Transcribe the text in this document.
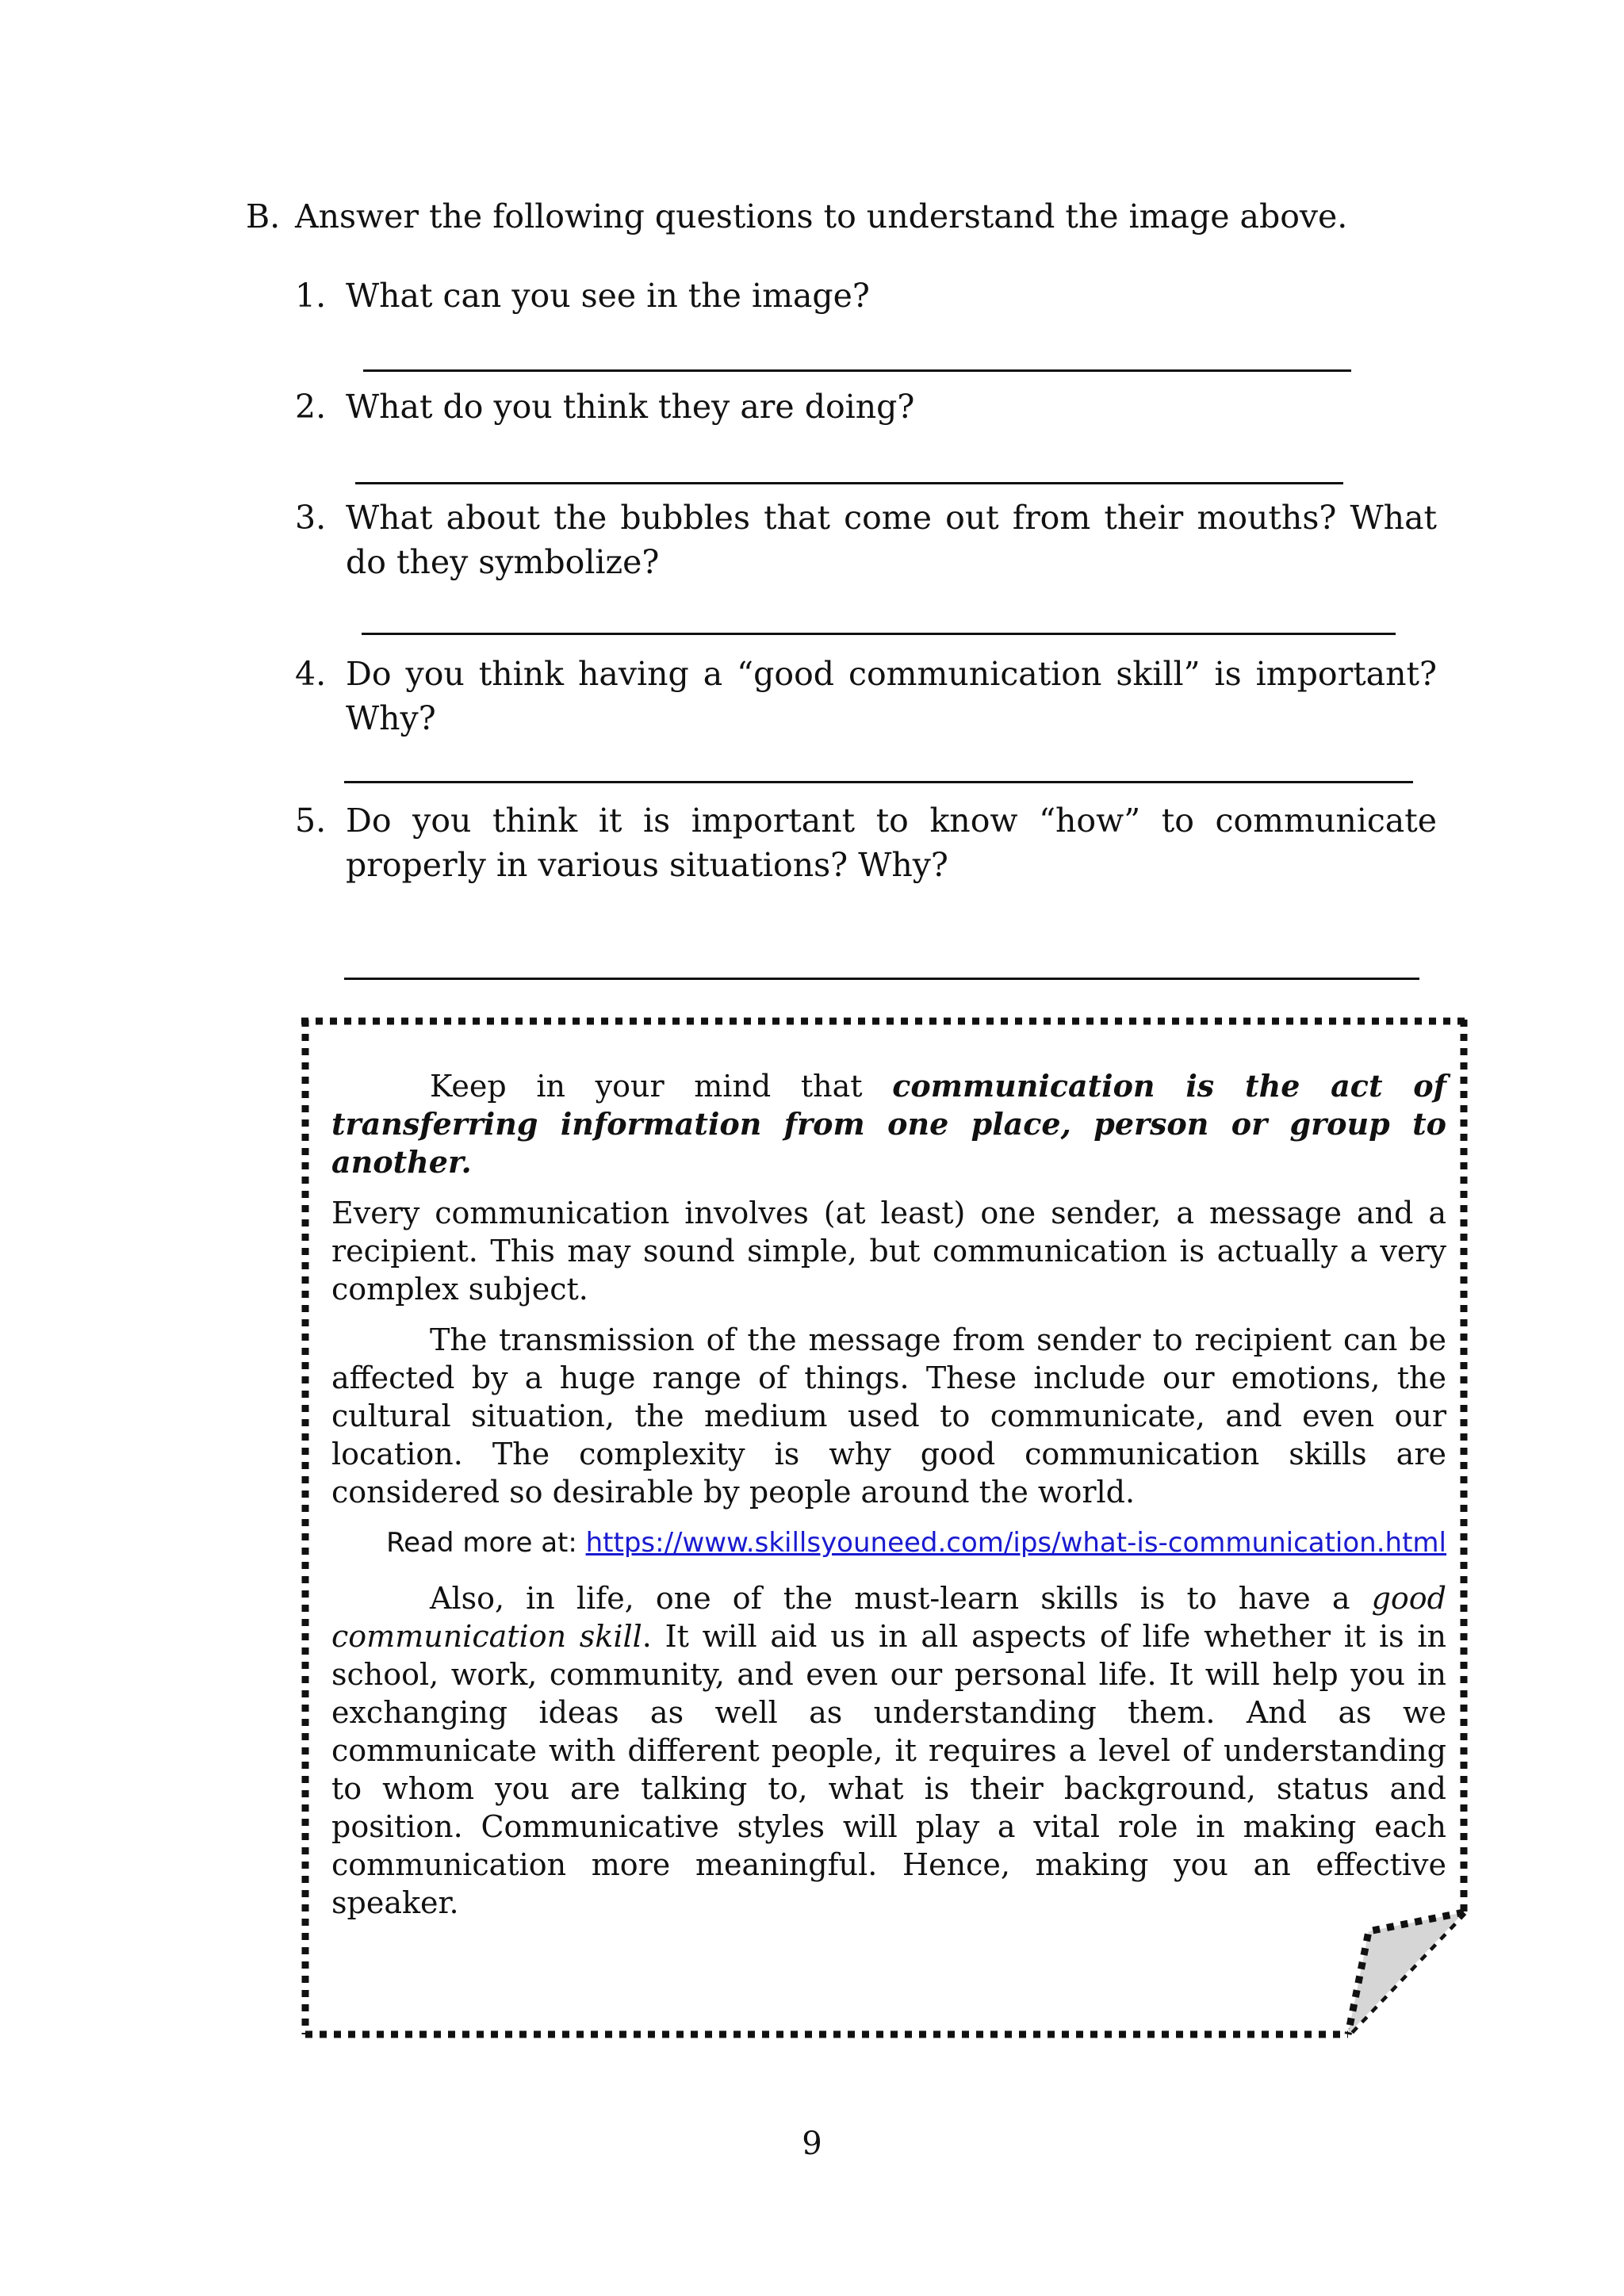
B. Answer the following questions to understand the image above.

1. What can you see in the image?
2. What do you think they are doing?
3. What about the bubbles that come out from their mouths? What do they symbolize?
4. Do you think having a “good communication skill” is important?
Why?
5. Do you think it is important to know “how” to communicate properly in various situations? Why?

Keep in your mind that communication is the act of transferring information from one place, person or group to another.

Every communication involves (at least) one sender, a message and a recipient. This may sound simple, but communication is actually a very complex subject.

The transmission of the message from sender to recipient can be affected by a huge range of things. These include our emotions, the cultural situation, the medium used to communicate, and even our location. The complexity is why good communication skills are considered so desirable by people around the world.

Read more at: https://www.skillsyouneed.com/ips/what-is-communication.html

Also, in life, one of the must-learn skills is to have a good communication skill. It will aid us in all aspects of life whether it is in school, work, community, and even our personal life. It will help you in exchanging ideas as well as understanding them. And as we communicate with different people, it requires a level of understanding to whom you are talking to, what is their background, status and position. Communicative styles will play a vital role in making each communication more meaningful. Hence, making you an effective speaker.

9
